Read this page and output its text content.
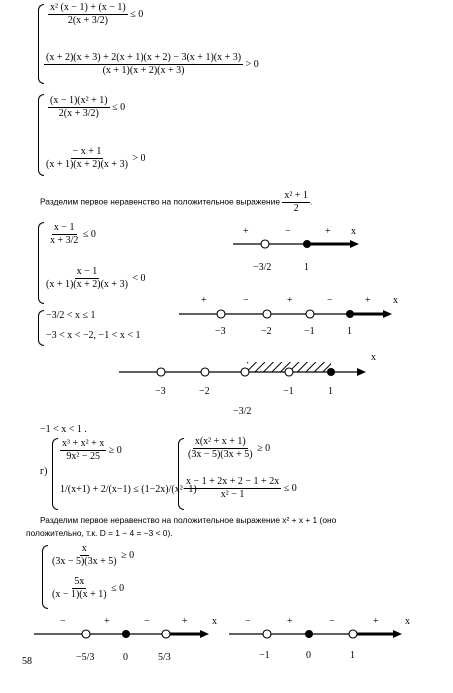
$\frac{\text{x² (x − 1) + (x − 1)}}{2(x + 3/2)} \le 0$
$\frac{(x + 2)(x + 3) + 2(x + 1)(x + 2) - 3(x + 1)(x + 3)}{(x + 1)(x + 2)(x + 3)} > 0$
$\frac{\text{(x − 1)(x² + 1)}}{2(x + 3/2)} \le 0$
$\frac{- x + 1}{(x + 1)(x + 2)(x + 3)} > 0$
Разделим первое неравенство на положительное выражение $\frac{\text{x² + 1}}{2}$ .
$\frac{x - 1}{x + 3/2} \le 0$
$\frac{x - 1}{(x + 1)(x + 2)(x + 3)} < 0$
+	−	+ x
−3/2	1
−3/2 < x ≤ 1
−3 < x < −2, −1 < x < 1
+	−	+	−	+ x
−3	−2	−1	1
x
−3	−2
−3/2
−1	1
−1 < x < 1 .
г)
$\frac{\text{x³ + x² + x}}{\text{9x² − 25}} \ge 0$
1/(x+1) + 2/(x−1) ≤ (1−2x)/(x²−1)
$\frac{\text{x(x² + x + 1)}}{(3x - 5)(3x + 5)} \ge 0$
$\frac{x - 1 + 2x + 2 - 1 + 2x}{\text{x² − 1}} \le 0$
Разделим первое неравенство на положительное выражение x² + x + 1 (оно
положительно, т.к. D = 1 − 4 = −3 < 0).
$\frac{x}{(3x - 5)(3x + 5)} \ge 0$
$\frac{5x}{(x - 1)(x + 1)} \le 0$
−	+	−	+ x
−5/3	0	5/3
−	+	−	+	x
−1	0	1
58
